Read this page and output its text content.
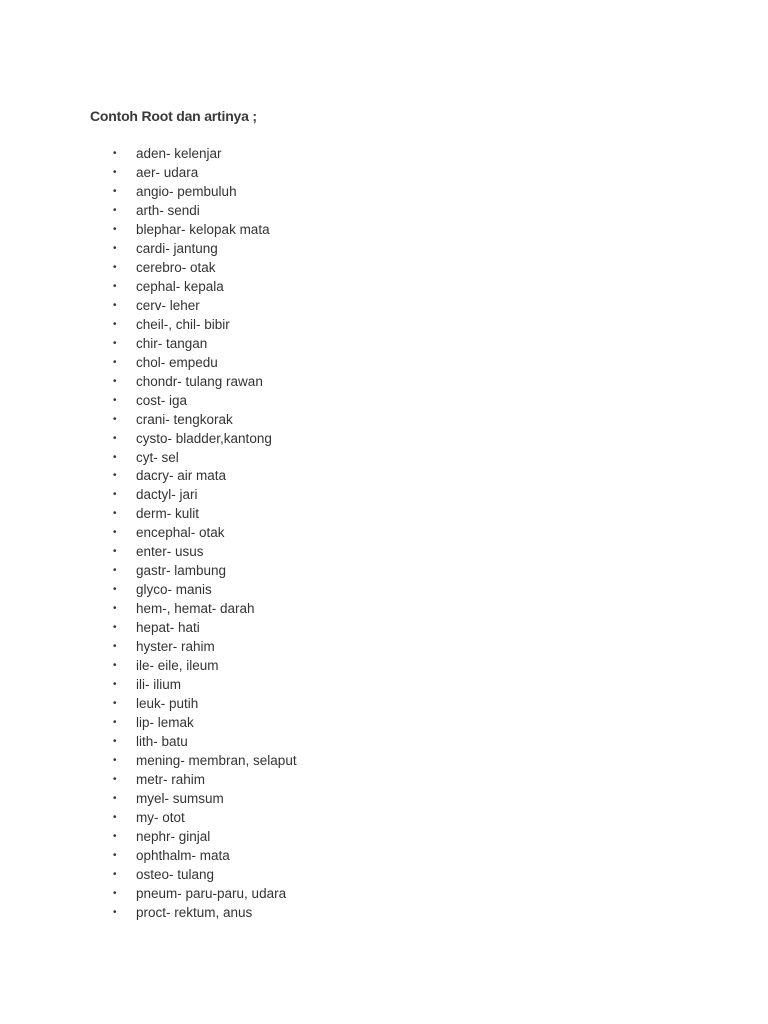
Contoh Root dan artinya ;
• aden- kelenjar
• aer- udara
• angio- pembuluh
• arth- sendi
• blephar- kelopak mata
• cardi- jantung
• cerebro- otak
• cephal- kepala
• cerv- leher
• cheil-, chil- bibir
• chir- tangan
• chol- empedu
• chondr- tulang rawan
• cost- iga
• crani- tengkorak
• cysto- bladder,kantong
• cyt- sel
• dacry- air mata
• dactyl- jari
• derm- kulit
• encephal- otak
• enter- usus
• gastr- lambung
• glyco- manis
• hem-, hemat- darah
• hepat- hati
• hyster- rahim
• ile- eile, ileum
• ili- ilium
• leuk- putih
• lip- lemak
• lith- batu
• mening- membran, selaput
• metr- rahim
• myel- sumsum
• my- otot
• nephr- ginjal
• ophthalm- mata
• osteo- tulang
• pneum- paru-paru, udara
• proct- rektum, anus
